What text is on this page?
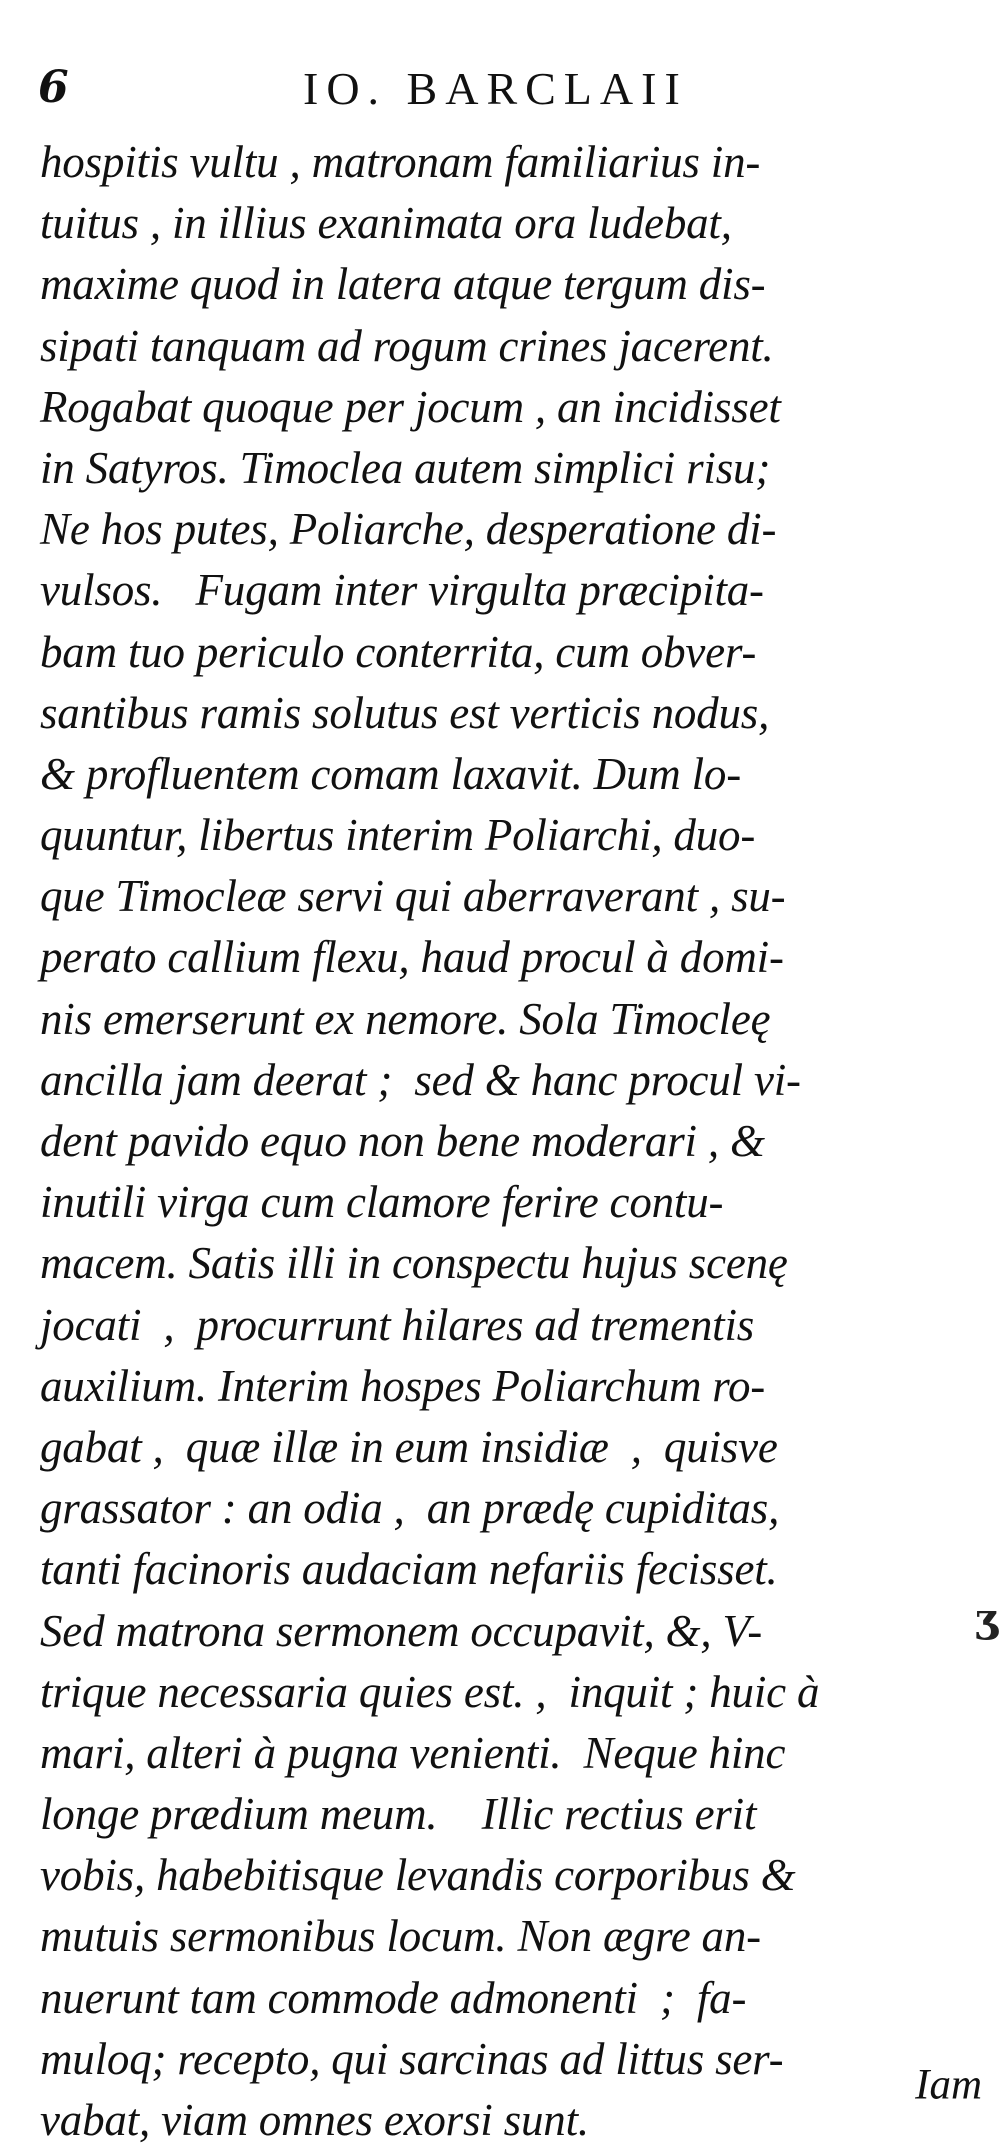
6	IO. BARCLAII
hospitis vultu , matronam familiarius in-
tuitus , in illius exanimata ora ludebat,
maxime quod in latera atque tergum dis-
sipati tanquam ad rogum crines jacerent.
Rogabat quoque per jocum , an incidisset
in Satyros. Timoclea autem simplici risu;
Ne hos putes, Poliarche, desperatione di-
vulsos.   Fugam inter virgulta præcipita-
bam tuo periculo conterrita, cum obver-
santibus ramis solutus est verticis nodus,
& profluentem comam laxavit. Dum lo-
quuntur, libertus interim Poliarchi, duo-
que Timocleæ servi qui aberraverant , su-
perato callium flexu, haud procul à domi-
nis emerserunt ex nemore. Sola Timocleę
ancilla jam deerat ;  sed & hanc procul vi-
dent pavido equo non bene moderari , &
inutili virga cum clamore ferire contu-
macem. Satis illi in conspectu hujus scenę
jocati  ,  procurrunt hilares ad trementis
auxilium. Interim hospes Poliarchum ro-
gabat ,  quæ illæ in eum insidiæ  ,  quisve
grassator : an odia ,  an prædę cupiditas,
tanti facinoris audaciam nefariis fecisset.
Sed matrona sermonem occupavit, &, V-
trique necessaria quies est. ,  inquit ; huic à
mari, alteri à pugna venienti.  Neque hinc
longe prædium meum.    Illic rectius erit
vobis, habebitisque levandis corporibus &
mutuis sermonibus locum. Non ægre an-
nuerunt tam commode admonenti  ;  fa-
muloq; recepto, qui sarcinas ad littus ser-
vabat, viam omnes exorsi sunt.
Iam
ʒ
